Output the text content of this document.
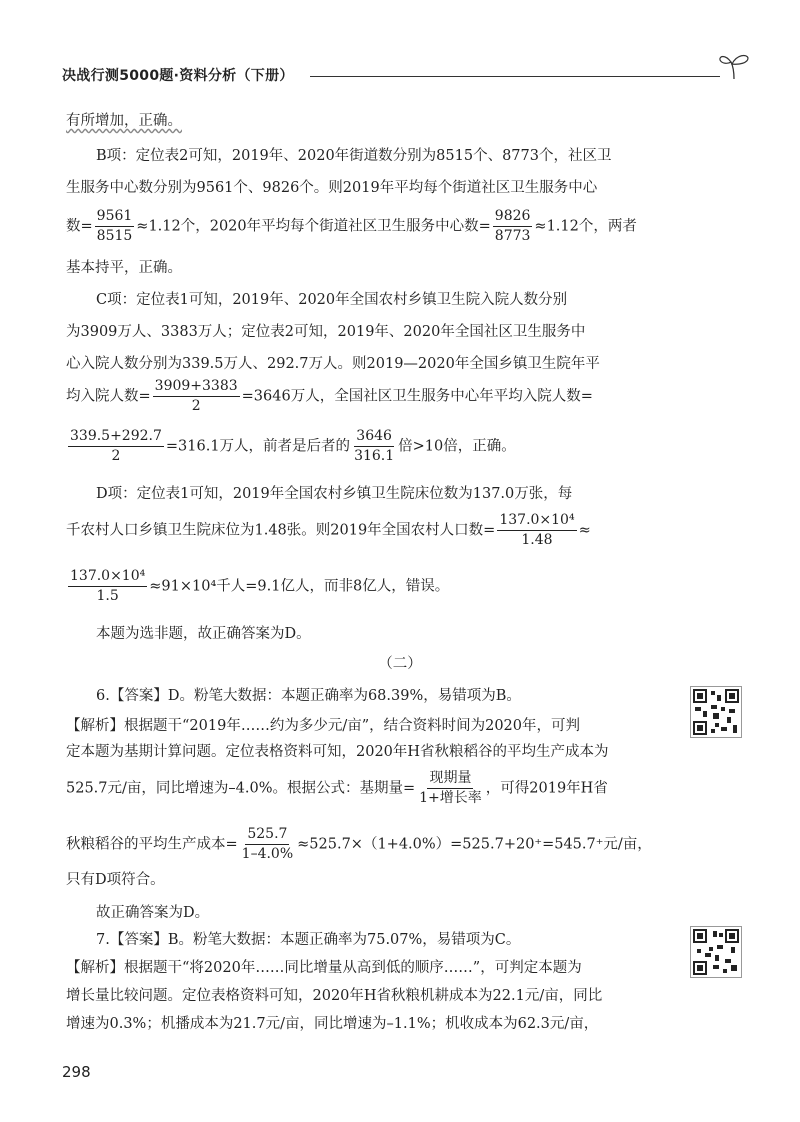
决战行测5000题·资料分析（下册）
有所增加，正确。
B项：定位表2可知，2019年、2020年街道数分别为8515个、8773个，社区卫
生服务中心数分别为9561个、9826个。则2019年平均每个街道社区卫生服务中心
数= $\frac{9561}{8515} \approx 1.12$个，2020年平均每个街道社区卫生服务中心数= $\frac{9826}{8773} \approx 1.12$个，两者
基本持平，正确。
C项：定位表1可知，2019年、2020年全国农村乡镇卫生院入院人数分别
为3909万人、3383万人；定位表2可知，2019年、2020年全国社区卫生服务中
心入院人数分别为339.5万人、292.7万人。则2019—2020年全国乡镇卫生院年平
均入院人数= $\frac{3909+3383}{2} =3646$万人，全国社区卫生服务中心年平均入院人数=
$\frac{339.5+292.7}{2} =316.1$万人，前者是后者的 $\frac{3646}{316.1}$ 倍>10倍，正确。
D项：定位表1可知，2019年全国农村乡镇卫生院床位数为137.0万张，每
千农村人口乡镇卫生院床位为1.48张。则2019年全国农村人口数= $\frac{\text{137.0×10⁴}}{1.48}$ ≈
$\frac{\text{137.0×10⁴}}{1.5} \approx 91\times 10^4$千人=9.1亿人，而非8亿人，错误。
本题为选非题，故正确答案为D。
（二）
6.【答案】D。粉笔大数据：本题正确率为68.39%，易错项为B。
【解析】根据题干“2019年……约为多少元/亩”，结合资料时间为2020年，可判
定本题为基期计算问题。定位表格资料可知，2020年H省秋粮稻谷的平均生产成本为
525.7元/亩，同比增速为–4.0%。根据公式：基期量= $\frac{\text{现期量}}{\text{1+增长率}}$ ，可得2019年H省
秋粮稻谷的平均生产成本= $\frac{525.7}{1-4.0\%} \approx 525.7\times(1+4.0\%)=525.7+20^+=545.7^+$元/亩，
只有D项符合。
故正确答案为D。
7.【答案】B。粉笔大数据：本题正确率为75.07%，易错项为C。
【解析】根据题干“将2020年……同比增量从高到低的顺序……”，可判定本题为
增长量比较问题。定位表格资料可知，2020年H省秋粮机耕成本为22.1元/亩，同比
增速为0.3%；机播成本为21.7元/亩，同比增速为–1.1%；机收成本为62.3元/亩，
298
